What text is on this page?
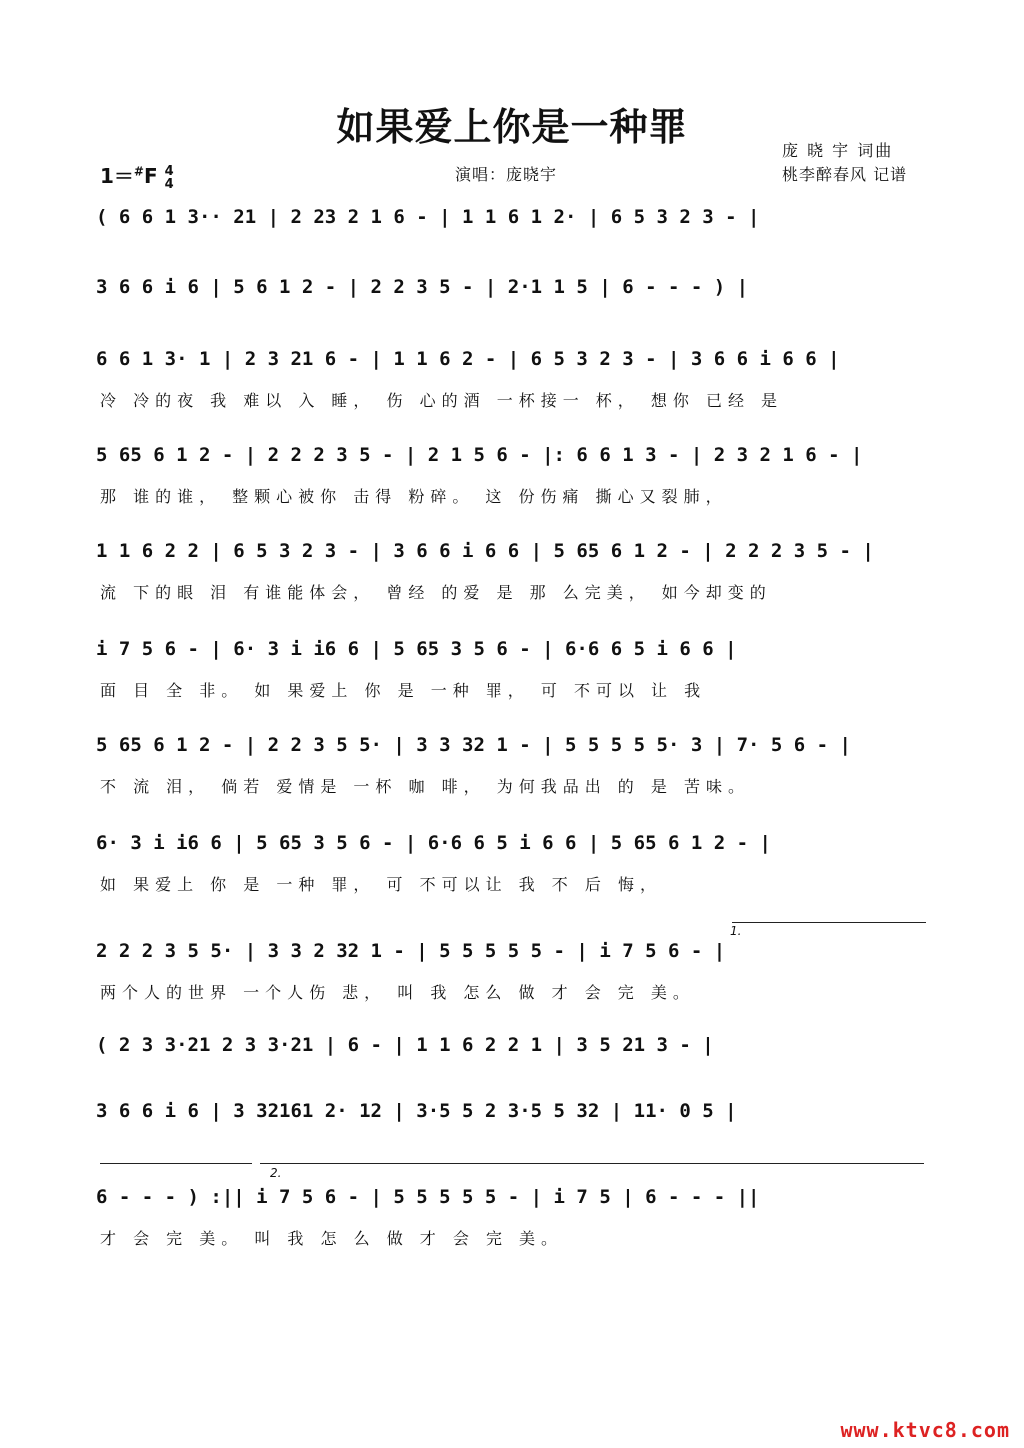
如果爱上你是一种罪
庞 晓 宇 词曲
桃李醉春风 记谱
演唱：庞晓宇
1＝#F 4
4
( 6 6 1 3·· 21 | 2 23 2 1 6 - | 1 1 6 1 2· | 6 5 3 2 3 - |
3 6 6 i 6 | 5 6 1 2 - | 2 2 3 5 - | 2·1 1 5 | 6 - - - ) |
6 6 1 3· 1 | 2 3 21 6 - | 1 1 6 2 - | 6 5 3 2 3 - | 3 6 6 i 6 6 |
冷 冷的夜 我 难以 入 睡， 伤 心的酒 一杯接一 杯， 想你 已经 是
5 65 6 1 2 - | 2 2 2 3 5 - | 2 1 5 6 - |: 6 6 1 3 - | 2 3 2 1 6 - |
那 谁的谁， 整颗心被你 击得 粉碎。 这 份伤痛 撕心又裂肺，
1 1 6 2 2 | 6 5 3 2 3 - | 3 6 6 i 6 6 | 5 65 6 1 2 - | 2 2 2 3 5 - |
流 下的眼 泪 有谁能体会， 曾经 的爱 是 那 么完美， 如今却变的
i 7 5 6 - | 6· 3 i i6 6 | 5 65 3 5 6 - | 6·6 6 5 i 6 6 |
面 目 全 非。 如 果爱上 你 是 一种 罪， 可 不可以 让 我
5 65 6 1 2 - | 2 2 3 5 5· | 3 3 32 1 - | 5 5 5 5 5· 3 | 7· 5 6 - |
不 流 泪， 倘若 爱情是 一杯 咖 啡， 为何我品出 的 是 苦味。
6· 3 i i6 6 | 5 65 3 5 6 - | 6·6 6 5 i 6 6 | 5 65 6 1 2 - |
如 果爱上 你 是 一种 罪， 可 不可以让 我 不 后 悔，
2 2 2 3 5 5· | 3 3 2 32 1 - | 5 5 5 5 5 - | i 7 5 6 - |
两个人的世界 一个人伤 悲， 叫 我 怎么 做 才 会 完 美。
( 2 3 3·21 2 3 3·21 | 6 - | 1 1 6 2 2 1 | 3 5 21 3 - |
3 6 6 i 6 | 3 32161 2· 12 | 3·5 5 2 3·5 5 32 | 11· 0 5 |
6 - - - ) :|| i 7 5 6 - | 5 5 5 5 5 - | i 7 5 | 6 - - - ||
才 会 完 美。 叫 我 怎 么 做 才 会 完 美。
1.
2.
www.ktvc8.com
